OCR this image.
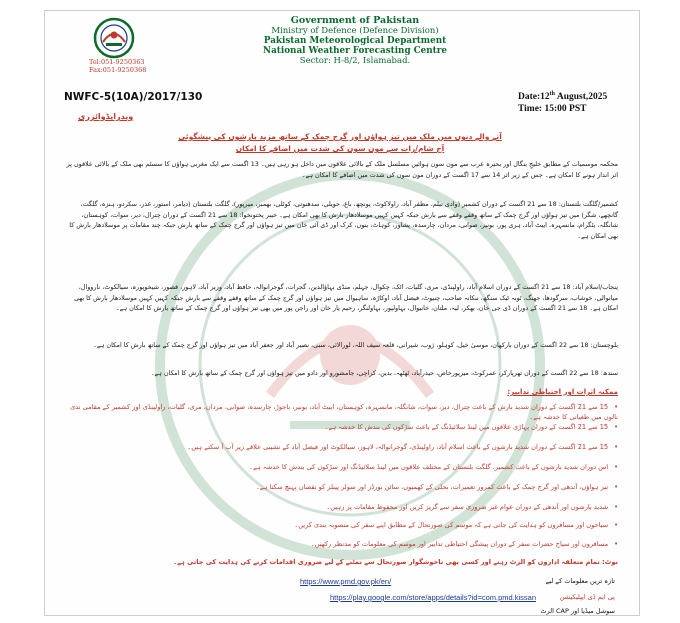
Tel:051-9250363
Fax:051-9250368
Government of Pakistan
Ministry of Defence (Defence Division)
Pakistan Meteorological Department
National Weather Forecasting Centre
Sector: H-8/2, Islamabad.
NWFC-5(10A)/2017/130	Date:12th August,2025
Time: 15:00 PST
ویدرایڈوائزری
آنے والے دنوں میں ملک میں تیز ہواؤں اور گرج چمک کے ساتھ مزید بارشوں کی پیشگوئی
آج شام/رات سے مون سون کی شدت میں اضافے کا امکان
محکمہ موسمیات کے مطابق خلیجِ بنگال اور بحیرہ عرب سے مون سون ہوائیں مسلسل ملک کے بالائی علاقوں میں داخل ہو رہی ہیں۔ 13 اگست سے ایک مغربی ہواؤں کا سسٹم بھی ملک کے بالائی علاقوں پر اثر انداز ہونے کا امکان ہے۔ جس کے زیر اثر 14 سے 17 اگست کے دوران مون سون کی شدت میں اضافے کا امکان ہے۔
کشمیر/گلگت بلتستان: 18 سے 21 اگست کے دوران کشمیر (وادی نیلم، مظفر آباد، راولاکوٹ، پونچھ، باغ، حویلی، سدھنوتی، کوٹلی، بھمبر، میرپور)، گلگت بلتستان (دیامر، استور، غذر، سکردو، ہنزہ، گلگت، گانچھے، شگر) میں تیز ہواؤں اور گرج چمک کے ساتھ وقفے وقفے سے بارش جبکہ کہیں کہیں موسلادھار بارش کا بھی امکان ہے۔ خیبر پختونخوا: 18 سے 21 اگست کے دوران چترال، دیر، سوات، کوہستان، شانگلہ، بٹگرام، مانسہرہ، ایبٹ آباد، ہری پور، بونیر، صوابی، مردان، چارسدہ، پشاور، کوہاٹ، بنوں، کرک اور ڈی آئی خان میں تیز ہواؤں اور گرج چمک کے ساتھ بارش جبکہ چند مقامات پر موسلادھار بارش کا بھی امکان ہے۔
پنجاب/اسلام آباد: 18 سے 21 اگست کے دوران اسلام آباد، راولپنڈی، مری، گلیات، اٹک، چکوال، جہلم، منڈی بہاؤالدین، گجرات، گوجرانوالہ، حافظ آباد، وزیر آباد، لاہور، قصور، شیخوپورہ، سیالکوٹ، نارووال، میانوالی، خوشاب، سرگودھا، جھنگ، ٹوبہ ٹیک سنگھ، ننکانہ صاحب، چنیوٹ، فیصل آباد، اوکاڑہ، ساہیوال میں تیز ہواؤں اور گرج چمک کے ساتھ وقفے وقفے سے بارش جبکہ کہیں کہیں موسلادھار بارش کا بھی امکان ہے۔ 18 سے 21 اگست کے دوران ڈی جی خان، بھکر، لیہ، ملتان، خانیوال، بہاولپور، بہاولنگر، رحیم یار خان اور راجن پور میں بھی تیز ہواؤں اور گرج چمک کے ساتھ بارش کا امکان ہے۔
بلوچستان: 18 سے 22 اگست کے دوران بارکھان، موسیٰ خیل، کوہلو، ژوب، شیرانی، قلعہ سیف اللہ، لورالائی، سبی، نصیر آباد اور جعفر آباد میں تیز ہواؤں اور گرج چمک کے ساتھ بارش کا امکان ہے۔
سندھ: 18 سے 22 اگست کے دوران تھرپارکر، عمرکوٹ، میرپورخاص، حیدرآباد، ٹھٹھہ، بدین، کراچی، جامشورو اور دادو میں تیز ہواؤں اور گرج چمک کے ساتھ بارش کا امکان ہے۔
ممکنہ اثرات اور احتیاطی تدابیر:
• 15 سے 21 اگست کے دوران شدید بارش کے باعث چترال، دیر، سوات، شانگلہ، مانسہرہ، کوہستان، ایبٹ آباد، بونیر، باجوڑ، چارسدہ، صوابی، مردان، مری، گلیات، راولپنڈی اور کشمیر کے مقامی ندی نالوں میں طغیانی کا خدشہ ہے۔
• 15 سے 21 اگست کے دوران پہاڑی علاقوں میں لینڈ سلائیڈنگ کے باعث سڑکوں کی بندش کا خدشہ ہے۔
• 15 سے 21 اگست کے دوران شدید بارشوں کے باعث اسلام آباد، راولپنڈی، گوجرانوالہ، لاہور، سیالکوٹ اور فیصل آباد کے نشیبی علاقے زیر آب آ سکتے ہیں۔
• اس دوران شدید بارشوں کے باعث کشمیر، گلگت بلتستان کے مختلف علاقوں میں لینڈ سلائیڈنگ اور سڑکوں کی بندش کا خدشہ ہے۔
• تیز ہواؤں، آندھی اور گرج چمک کے باعث کمزور تعمیرات، بجلی کے کھمبوں، سائن بورڈز اور سولر پینلز کو نقصان پہنچ سکتا ہے۔
• شدید بارشوں اور آندھی کے دوران عوام غیر ضروری سفر سے گریز کریں اور محفوظ مقامات پر رہیں۔
• سیاحوں اور مسافروں کو ہدایت کی جاتی ہے کہ موسم کی صورتحال کے مطابق اپنے سفر کی منصوبہ بندی کریں۔
• مسافروں اور سیاح حضرات سفر کے دوران پیشگی احتیاطی تدابیر اور موسم کی معلومات کو مدنظر رکھیں۔
نوٹ: تمام متعلقہ اداروں کو الرٹ رہنے اور کسی بھی ناخوشگوار صورتحال سے نمٹنے کے لیے ضروری اقدامات کرنے کی ہدایت کی جاتی ہے۔
تازہ ترین معلومات کے لیے
https://www.pmd.gov.pk/en/
پی ایم ڈی ایپلیکیشن
https://play.google.com/store/apps/details?id=com.pmd.kissan
سوشل میڈیا اور CAP الرٹ
